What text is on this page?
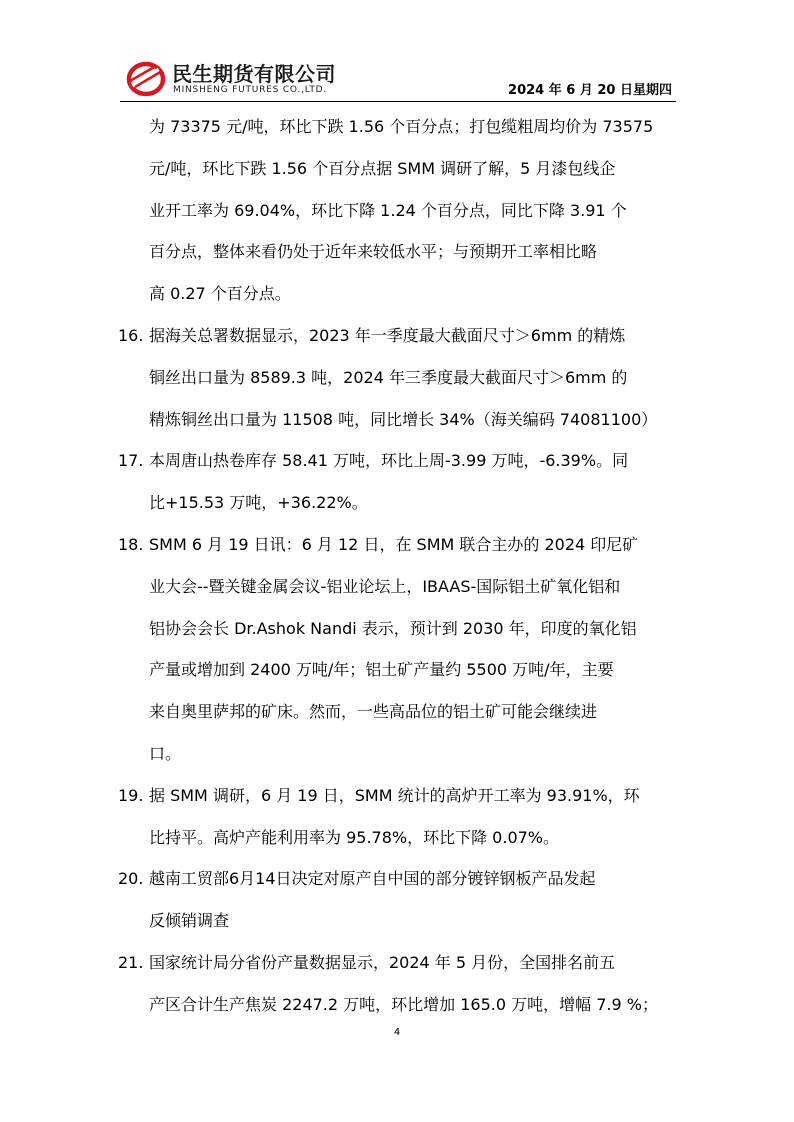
民生期货有限公司
MINSHENG FUTURES CO.,LTD.	2024 年 6 月 20 日星期四
为 73375 元/吨，环比下跌 1.56 个百分点；打包缆粗周均价为 73575
元/吨，环比下跌 1.56 个百分点据 SMM 调研了解，5 月漆包线企
业开工率为 69.04%，环比下降 1.24 个百分点，同比下降 3.91 个
百分点，整体来看仍处于近年来较低水平；与预期开工率相比略
高 0.27 个百分点。
16. 据海关总署数据显示，2023 年一季度最大截面尺寸＞6mm 的精炼
铜丝出口量为 8589.3 吨，2024 年三季度最大截面尺寸＞6mm 的
精炼铜丝出口量为 11508 吨，同比增长 34%（海关编码 74081100）
17. 本周唐山热卷库存 58.41 万吨，环比上周-3.99 万吨，-6.39%。同
比+15.53 万吨，+36.22%。
18. SMM 6 月 19 日讯：6 月 12 日，在 SMM 联合主办的 2024 印尼矿
业大会--暨关键金属会议-铝业论坛上，IBAAS-国际铝土矿氧化铝和
铝协会会长 Dr.Ashok Nandi 表示，预计到 2030 年，印度的氧化铝
产量或增加到 2400 万吨/年；铝土矿产量约 5500 万吨/年，主要
来自奥里萨邦的矿床。然而，一些高品位的铝土矿可能会继续进
口。
19. 据 SMM 调研，6 月 19 日，SMM 统计的高炉开工率为 93.91%，环
比持平。高炉产能利用率为 95.78%，环比下降 0.07%。
20. 越南工贸部6月14日决定对原产自中国的部分镀锌钢板产品发起
反倾销调查
21. 国家统计局分省份产量数据显示，2024 年 5 月份，全国排名前五
产区合计生产焦炭 2247.2 万吨，环比增加 165.0 万吨，增幅 7.9 %；
4
